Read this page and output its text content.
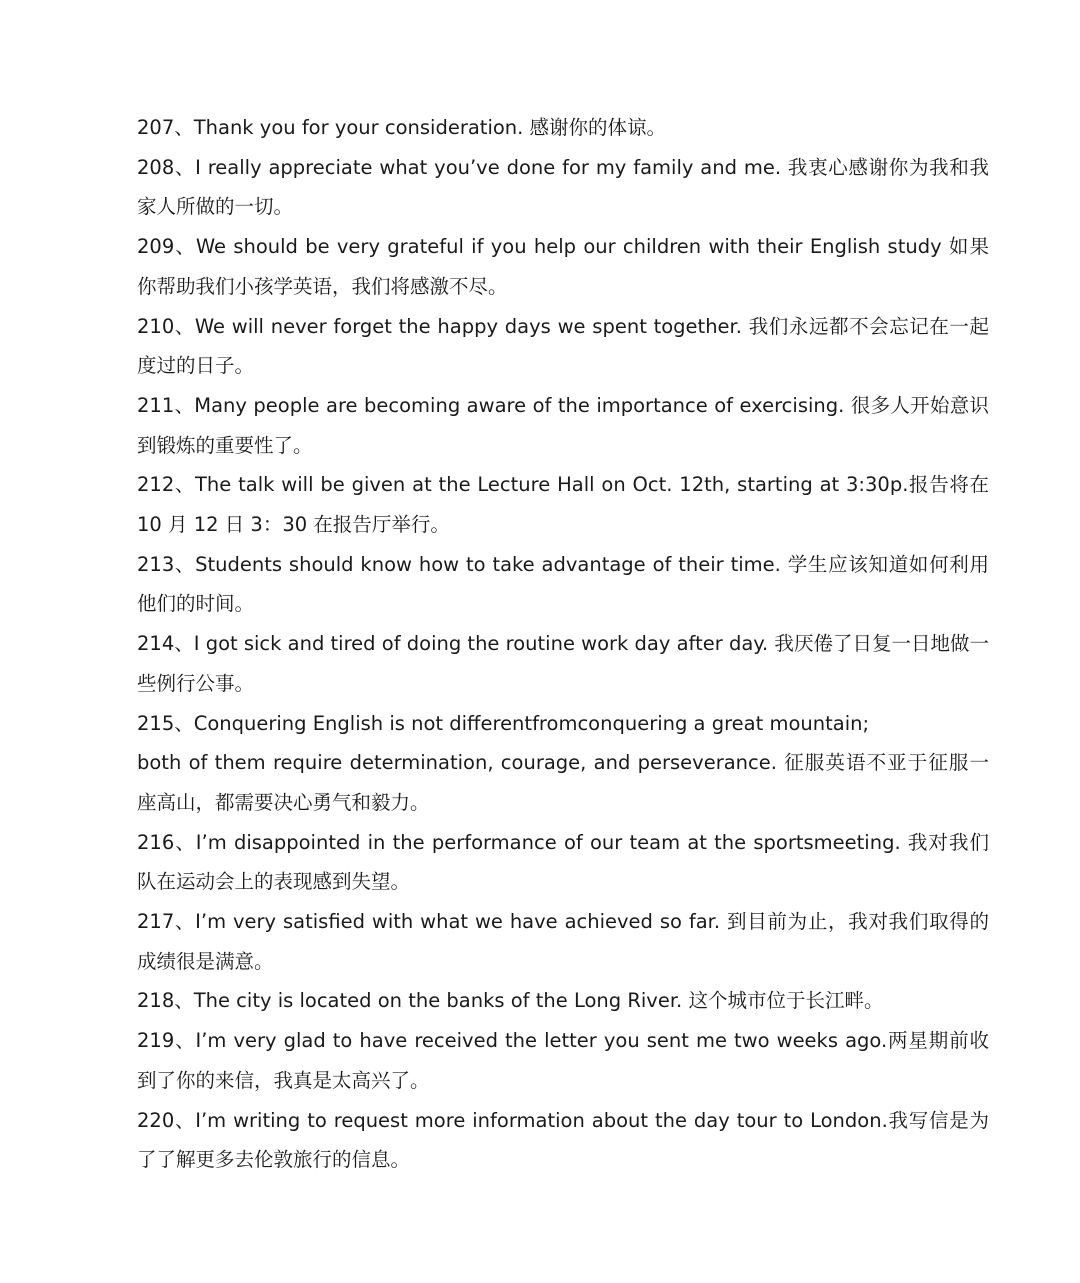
207、Thank you for your consideration. 感谢你的体谅。

208、I really appreciate what you’ve done for my family and me. 我衷心感谢你为我和我家人所做的一切。

209、We should be very grateful if you help our children with their English study 如果你帮助我们小孩学英语，我们将感激不尽。

210、We will never forget the happy days we spent together. 我们永远都不会忘记在一起度过的日子。

211、Many people are becoming aware of the importance of exercising. 很多人开始意识到锻炼的重要性了。

212、The talk will be given at the Lecture Hall on Oct. 12th, starting at 3:30p.报告将在 10 月 12 日 3：30 在报告厅举行。

213、Students should know how to take advantage of their time. 学生应该知道如何利用他们的时间。

214、I got sick and tired of doing the routine work day after day. 我厌倦了日复一日地做一些例行公事。

215、Conquering English is not differentfromconquering a great mountain;
both of them require determination, courage, and perseverance. 征服英语不亚于征服一座高山，都需要决心勇气和毅力。

216、I’m disappointed in the performance of our team at the sportsmeeting. 我对我们队在运动会上的表现感到失望。

217、I’m very satisfied with what we have achieved so far. 到目前为止，我对我们取得的成绩很是满意。

218、The city is located on the banks of the Long River. 这个城市位于长江畔。

219、I’m very glad to have received the letter you sent me two weeks ago.两星期前收到了你的来信，我真是太高兴了。

220、I’m writing to request more information about the day tour to London.我写信是为了了解更多去伦敦旅行的信息。
